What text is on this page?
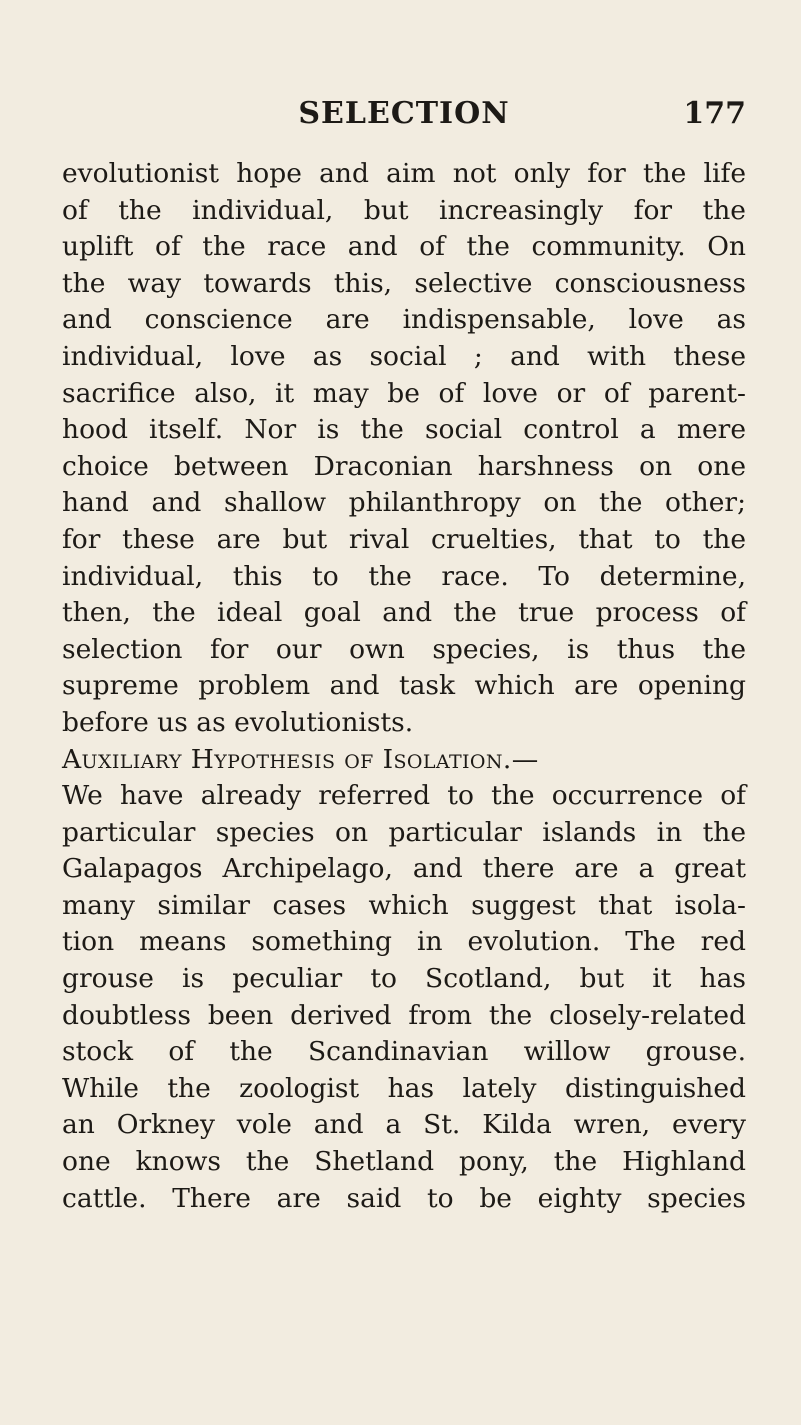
SELECTION	177
evolutionist hope and aim not only for the life
of the individual, but increasingly for the
uplift of the race and of the community. On
the way towards this, selective consciousness
and conscience are indispensable, love as
individual, love as social ; and with these
sacrifice also, it may be of love or of parent-
hood itself. Nor is the social control a mere
choice between Draconian harshness on one
hand and shallow philanthropy on the other;
for these are but rival cruelties, that to the
individual, this to the race. To determine,
then, the ideal goal and the true process of
selection for our own species, is thus the
supreme problem and task which are opening
before us as evolutionists.
Auxiliary Hypothesis of Isolation.—
We have already referred to the occurrence of
particular species on particular islands in the
Galapagos Archipelago, and there are a great
many similar cases which suggest that isola-
tion means something in evolution. The red
grouse is peculiar to Scotland, but it has
doubtless been derived from the closely-related
stock of the Scandinavian willow grouse.
While the zoologist has lately distinguished
an Orkney vole and a St. Kilda wren, every
one knows the Shetland pony, the Highland
cattle. There are said to be eighty species
